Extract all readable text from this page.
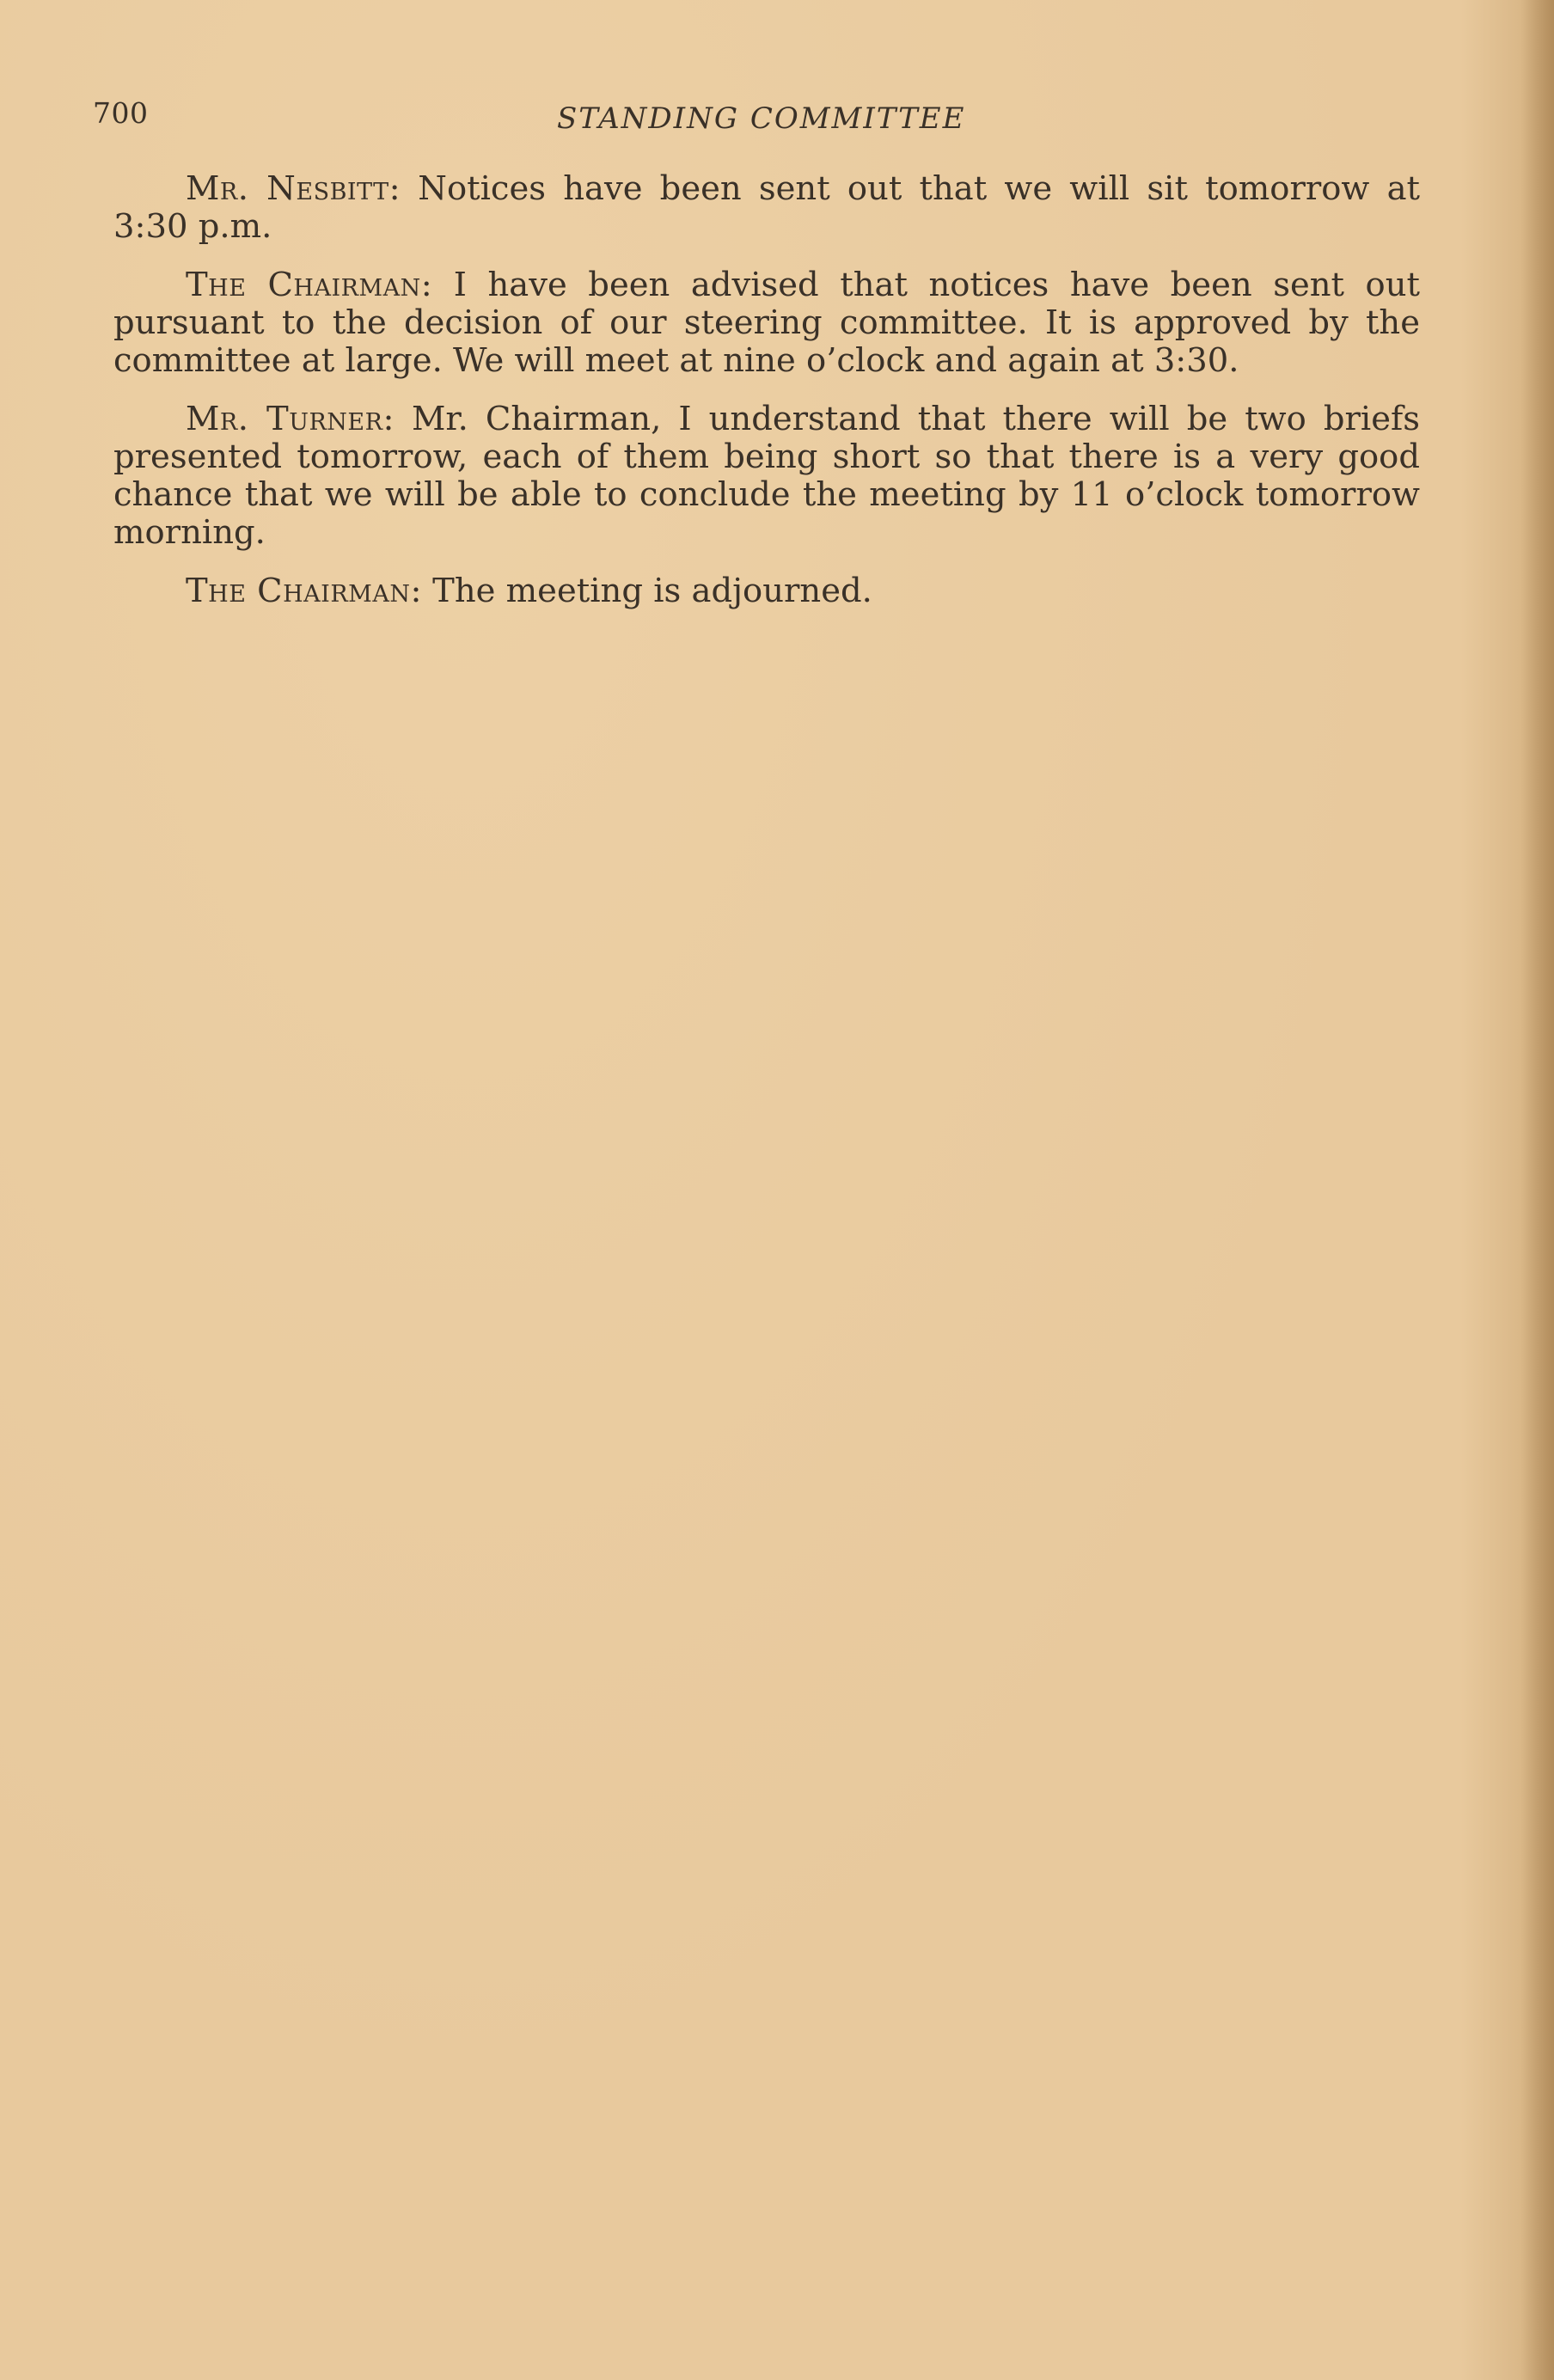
700	STANDING COMMITTEE

Mr. Nesbitt: Notices have been sent out that we will sit tomorrow at 3:30 p.m.

The Chairman: I have been advised that notices have been sent out pursuant to the decision of our steering committee. It is approved by the committee at large. We will meet at nine o’clock and again at 3:30.

Mr. Turner: Mr. Chairman, I understand that there will be two briefs presented tomorrow, each of them being short so that there is a very good chance that we will be able to conclude the meeting by 11 o’clock tomorrow morning.

The Chairman: The meeting is adjourned.
